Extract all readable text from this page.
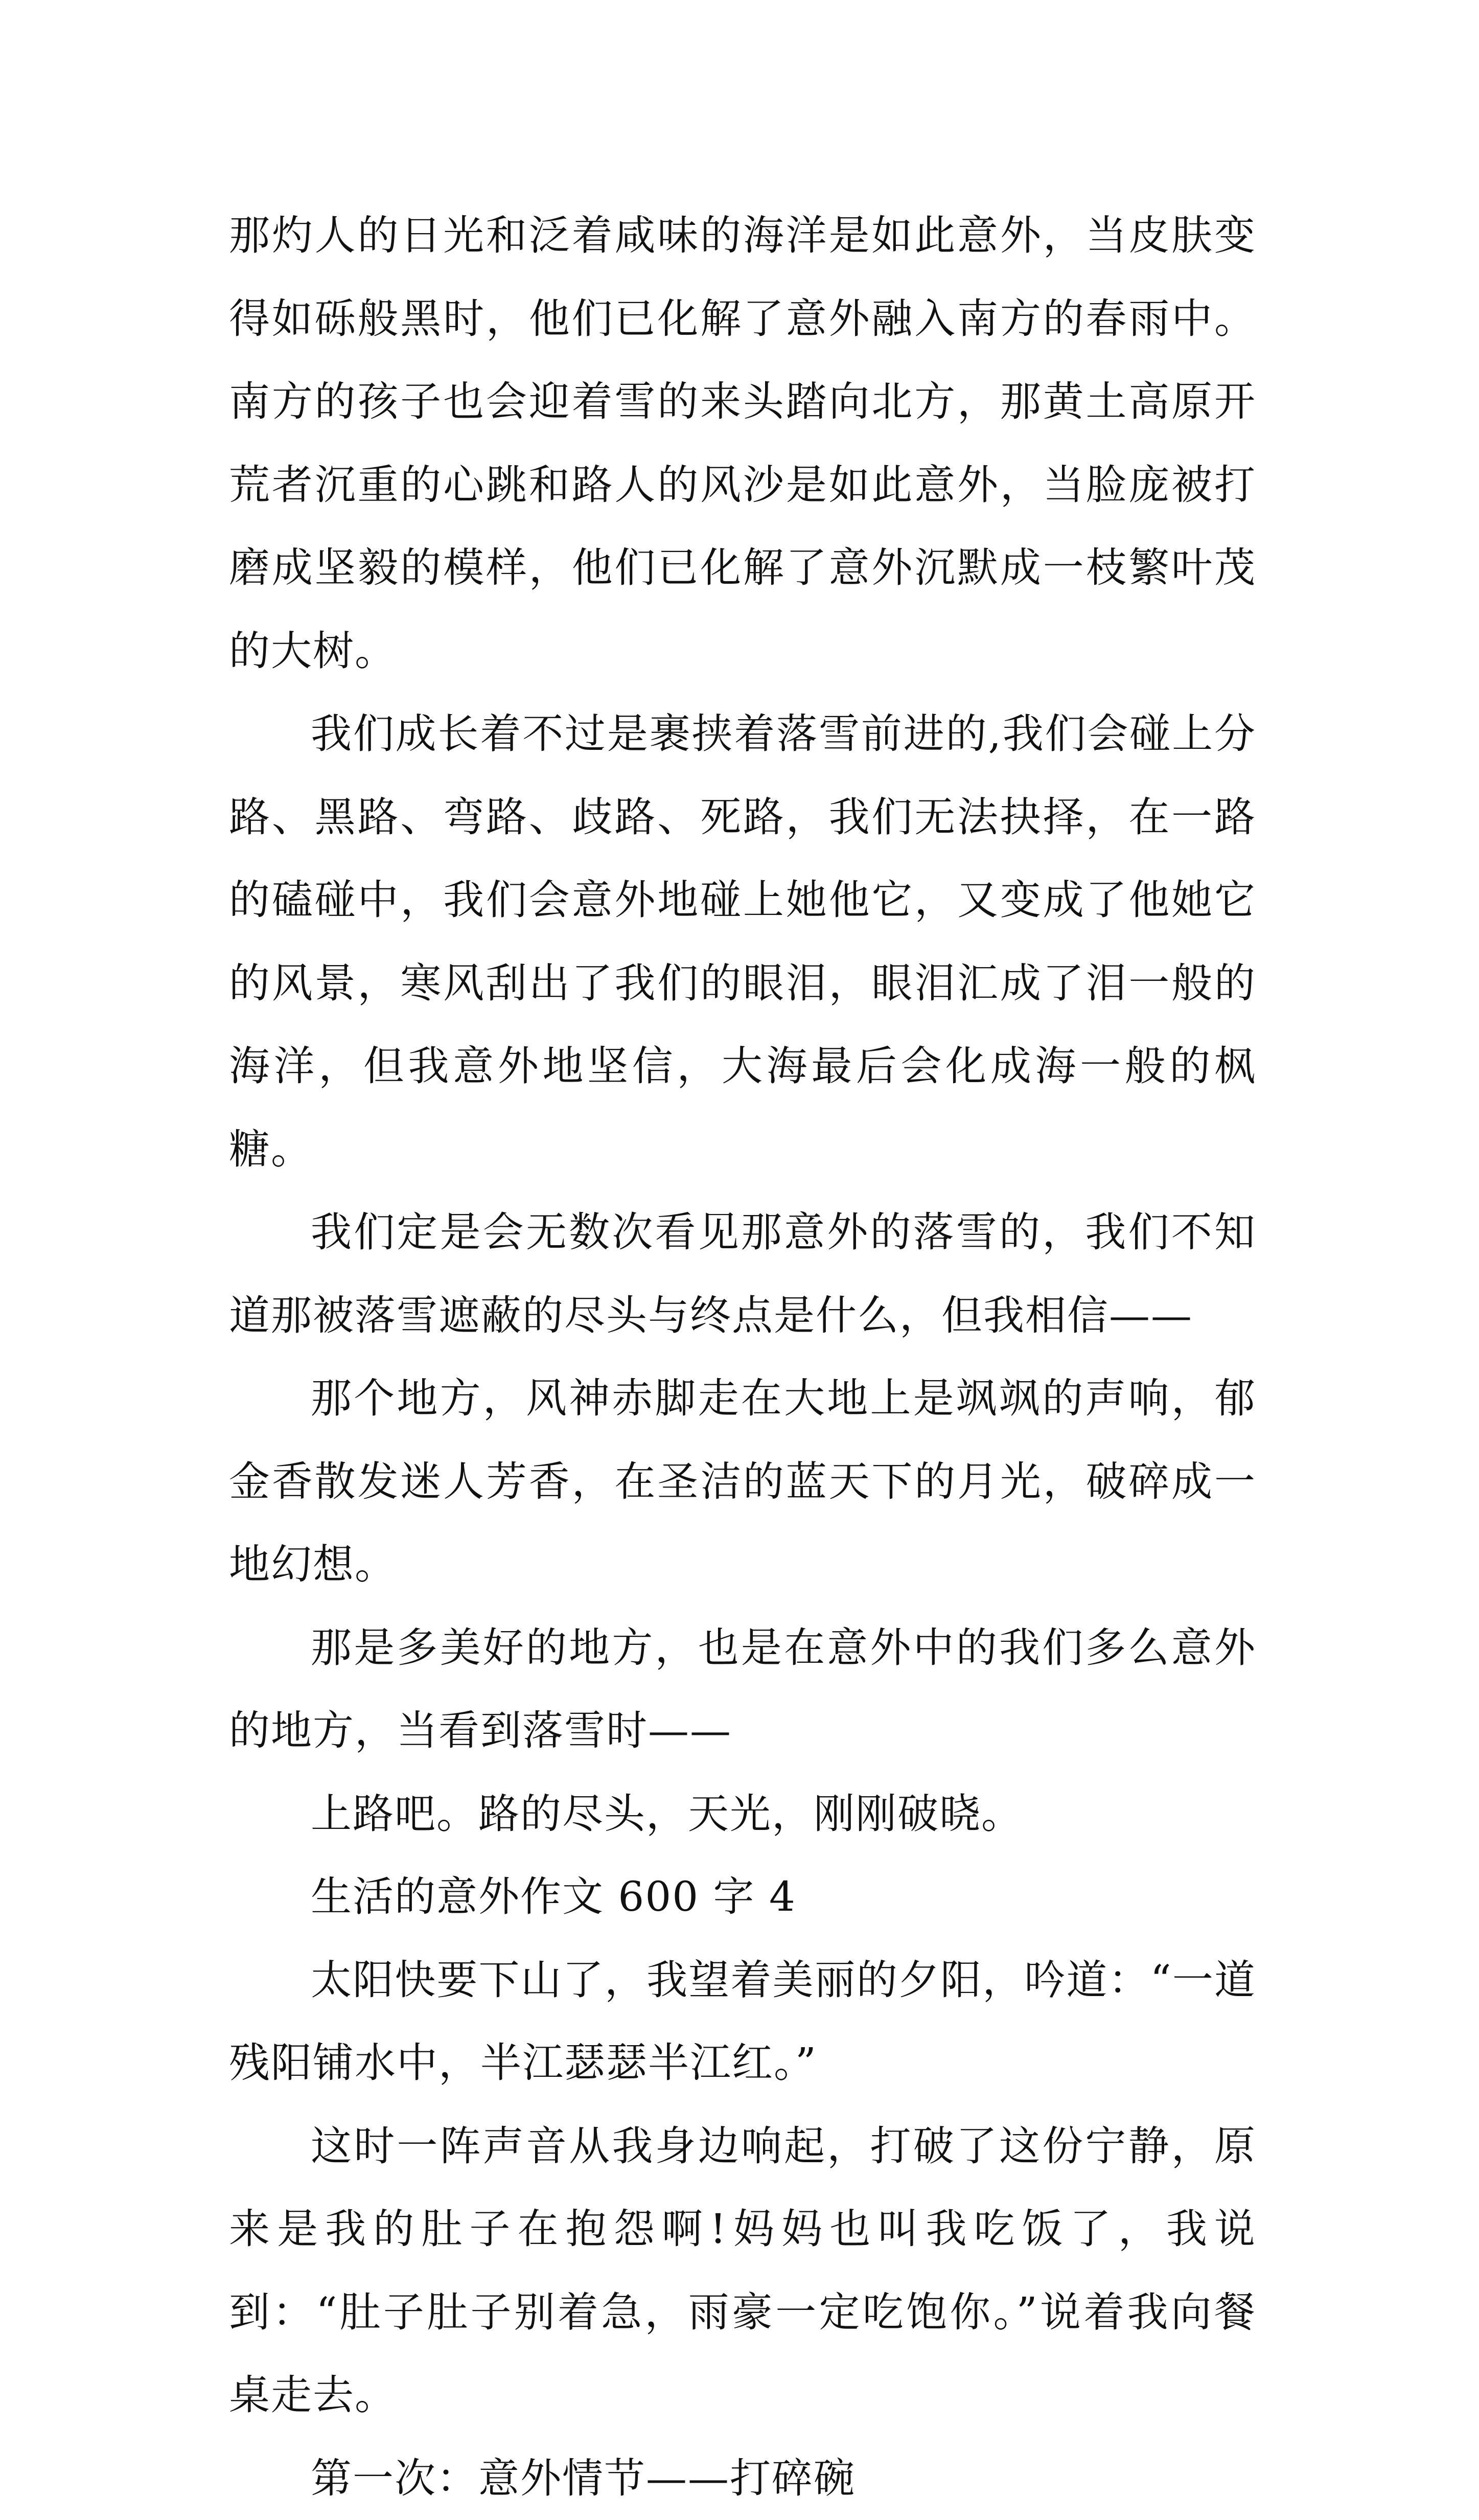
那灼人的日光和泛着咸味的海洋是如此意外，当皮肤变得如砾般黑时，他们已化解了意外融入南方的春雨中。南方的孩子也会迎着雪的来头踏向北方，那黄土高原开荒者沉重的心跳和路人的风沙是如此意外，当脸庞被打磨成坚毅的模样，他们已化解了意外沉默成一枝繁叶茂的大树。

我们成长着不过是裹挟着落雪前进的,我们会碰上分路、黑路、弯路、歧路、死路，我们无法抉择，在一路的磕碰中，我们会意外地碰上她他它，又变成了他她它的风景，寒风刮出了我们的眼泪，眼泪汇成了泪一般的海洋，但我意外地坚信，大海最后会化成海一般的枫糖。

我们定是会无数次看见那意外的落雪的，我们不知道那被落雪遮蔽的尽头与终点是什么，但我相信——

那个地方，风神赤脚走在大地上是飒飒的声响，郁金香散发迷人芳香，在圣洁的蓝天下的月光，破碎成一地幻想。

那是多美好的地方，也是在意外中的我们多么意外的地方，当看到落雪时——

上路吧。路的尽头，天光，刚刚破晓。

生活的意外作文 600 字 4

太阳快要下山了，我望着美丽的夕阳，吟道：“一道残阳铺水中，半江瑟瑟半江红。”

这时一阵声音从我身边响起，打破了这份宁静，原来是我的肚子在抱怨啊!妈妈也叫我吃饭了，我说到：“肚子肚子别着急，雨豪一定吃饱你。”说着我向餐桌走去。

第一次：意外情节——打碎碗
